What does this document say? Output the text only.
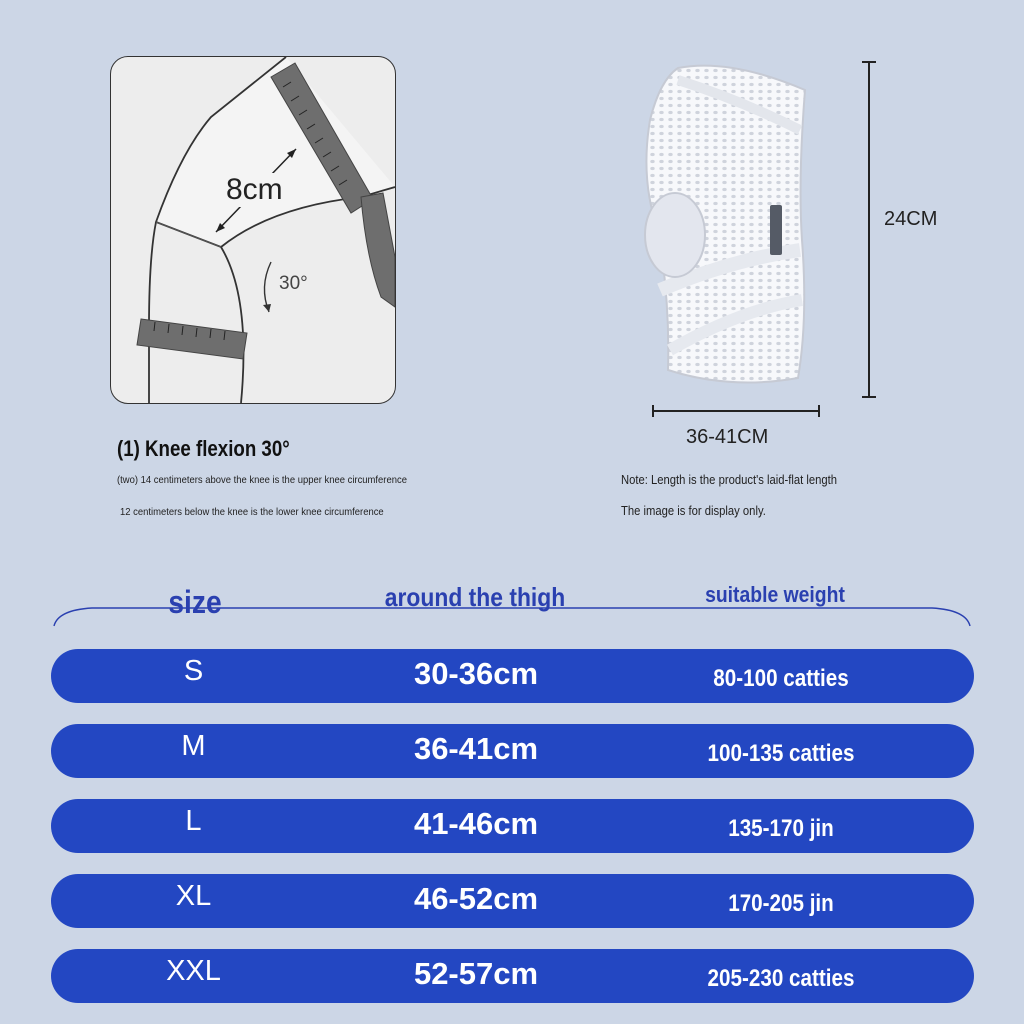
8cm
30°
(1) Knee flexion 30°
(two) 14 centimeters above the knee is the upper knee circumference
12 centimeters below the knee is the lower knee circumference
24CM
36-41CM
Note: Length is the product's laid-flat length
The image is for display only.
size	around the thigh	suitable weight
S	30-36cm	80-100 catties
M	36-41cm	100-135 catties
L	41-46cm	135-170 jin
XL	46-52cm	170-205 jin
XXL	52-57cm	205-230 catties
